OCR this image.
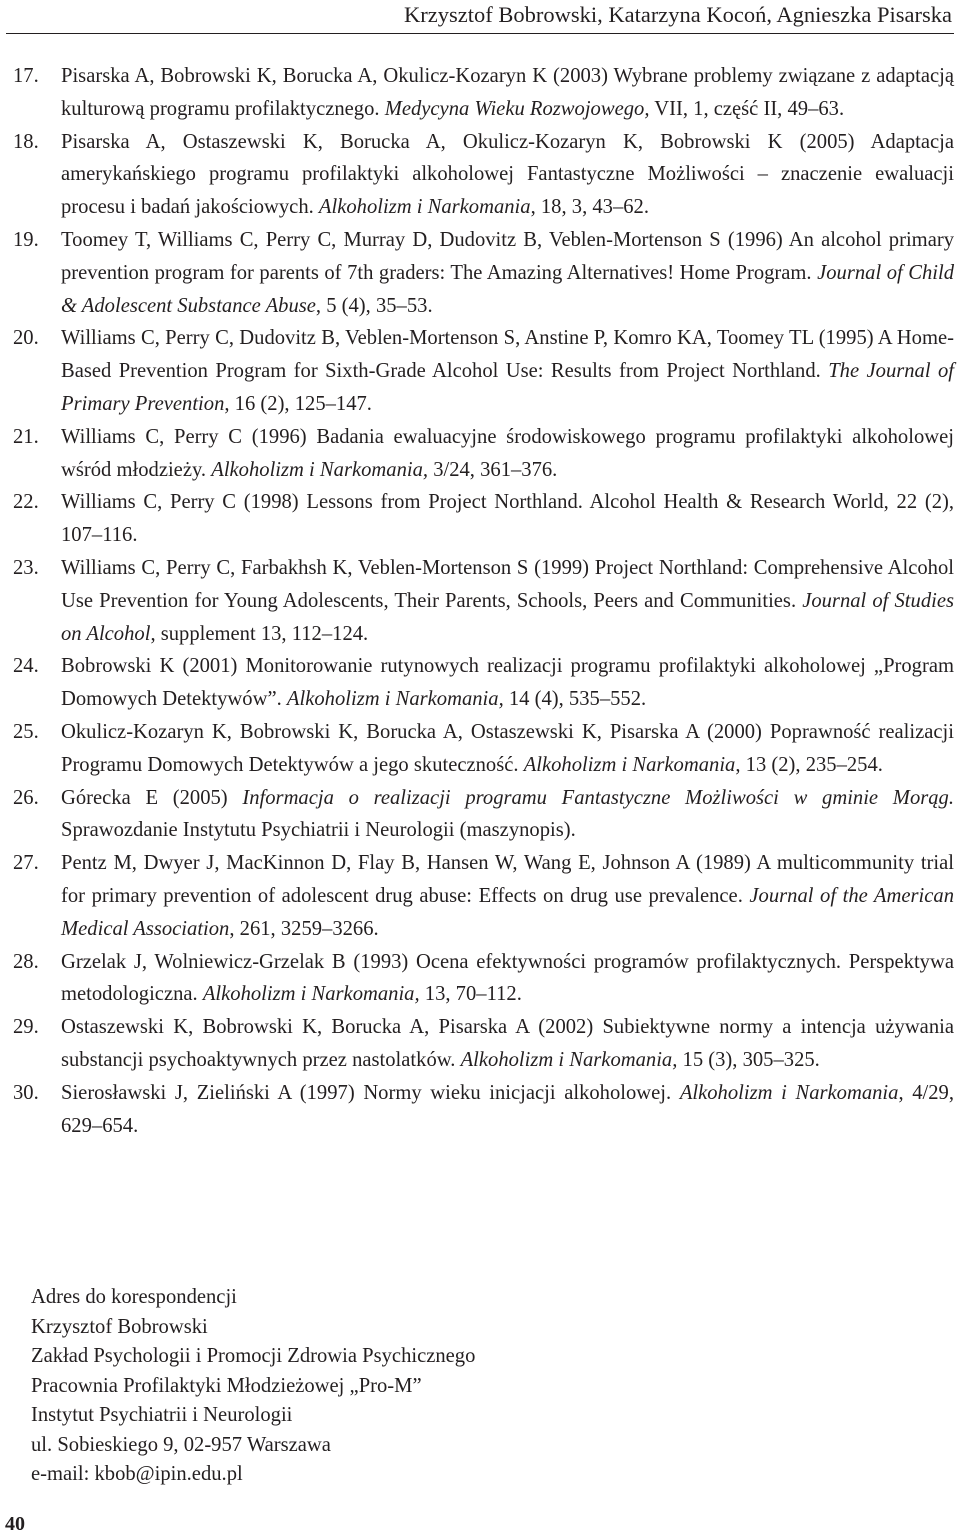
Krzysztof Bobrowski, Katarzyna Kocoń, Agnieszka Pisarska
17. Pisarska A, Bobrowski K, Borucka A, Okulicz-Kozaryn K (2003) Wybrane problemy związane z adaptacją kulturową programu profilaktycznego. Medycyna Wieku Rozwojowego, VII, 1, część II, 49–63.
18. Pisarska A, Ostaszewski K, Borucka A, Okulicz-Kozaryn K, Bobrowski K (2005) Adaptacja amerykańskiego programu profilaktyki alkoholowej Fantastyczne Możliwości – znaczenie ewaluacji procesu i badań jakościowych. Alkoholizm i Narkomania, 18, 3, 43–62.
19. Toomey T, Williams C, Perry C, Murray D, Dudovitz B, Veblen-Mortenson S (1996) An alcohol primary prevention program for parents of 7th graders: The Amazing Alternatives! Home Program. Journal of Child & Adolescent Substance Abuse, 5 (4), 35–53.
20. Williams C, Perry C, Dudovitz B, Veblen-Mortenson S, Anstine P, Komro KA, Toomey TL (1995) A Home-Based Prevention Program for Sixth-Grade Alcohol Use: Results from Project Northland. The Journal of Primary Prevention, 16 (2), 125–147.
21. Williams C, Perry C (1996) Badania ewaluacyjne środowiskowego programu profilaktyki alkoholowej wśród młodzieży. Alkoholizm i Narkomania, 3/24, 361–376.
22. Williams C, Perry C (1998) Lessons from Project Northland. Alcohol Health & Research World, 22 (2), 107–116.
23. Williams C, Perry C, Farbakhsh K, Veblen-Mortenson S (1999) Project Northland: Comprehensive Alcohol Use Prevention for Young Adolescents, Their Parents, Schools, Peers and Communities. Journal of Studies on Alcohol, supplement 13, 112–124.
24. Bobrowski K (2001) Monitorowanie rutynowych realizacji programu profilaktyki alkoholowej „Program Domowych Detektywów”. Alkoholizm i Narkomania, 14 (4), 535–552.
25. Okulicz-Kozaryn K, Bobrowski K, Borucka A, Ostaszewski K, Pisarska A (2000) Poprawność realizacji Programu Domowych Detektywów a jego skuteczność. Alkoholizm i Narkomania, 13 (2), 235–254.
26. Górecka E (2005) Informacja o realizacji programu Fantastyczne Możliwości w gminie Morąg. Sprawozdanie Instytutu Psychiatrii i Neurologii (maszynopis).
27. Pentz M, Dwyer J, MacKinnon D, Flay B, Hansen W, Wang E, Johnson A (1989) A multicommunity trial for primary prevention of adolescent drug abuse: Effects on drug use prevalence. Journal of the American Medical Association, 261, 3259–3266.
28. Grzelak J, Wolniewicz-Grzelak B (1993) Ocena efektywności programów profilaktycznych. Perspektywa metodologiczna. Alkoholizm i Narkomania, 13, 70–112.
29. Ostaszewski K, Bobrowski K, Borucka A, Pisarska A (2002) Subiektywne normy a intencja używania substancji psychoaktywnych przez nastolatków. Alkoholizm i Narkomania, 15 (3), 305–325.
30. Sierosławski J, Zieliński A (1997) Normy wieku inicjacji alkoholowej. Alkoholizm i Narkomania, 4/29, 629–654.
Adres do korespondencji
Krzysztof Bobrowski
Zakład Psychologii i Promocji Zdrowia Psychicznego
Pracownia Profilaktyki Młodzieżowej „Pro-M”
Instytut Psychiatrii i Neurologii
ul. Sobieskiego 9, 02-957 Warszawa
e-mail: kbob@ipin.edu.pl
40
